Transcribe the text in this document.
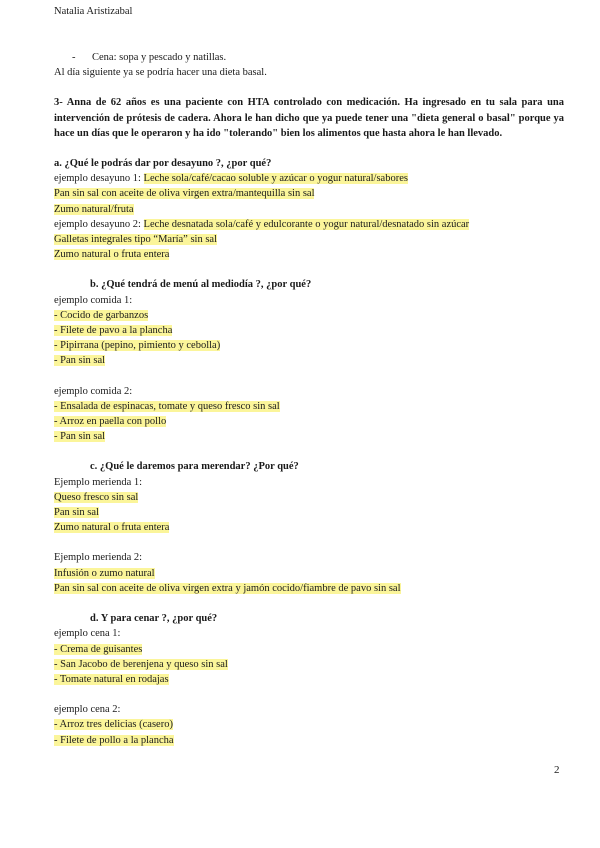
Natalia Aristizabal
- Cena: sopa y pescado y natillas.
Al día siguiente ya se podría hacer una dieta basal.
3- Anna de 62 años es una paciente con HTA controlado con medicación. Ha ingresado en tu sala para una intervención de prótesis de cadera. Ahora le han dicho que ya puede tener una "dieta general o basal" porque ya hace un días que le operaron y ha ido "tolerando" bien los alimentos que hasta ahora le han llevado.
a. ¿Qué le podrás dar por desayuno ?, ¿por qué?
ejemplo desayuno 1: Leche sola/café/cacao soluble y azúcar o yogur natural/sabores
Pan sin sal con aceite de oliva virgen extra/mantequilla sin sal
Zumo natural/fruta
ejemplo desayuno 2: Leche desnatada sola/café y edulcorante o yogur natural/desnatado sin azúcar
Galletas integrales tipo “María” sin sal
Zumo natural o fruta entera
b. ¿Qué tendrá de menú al mediodía ?, ¿por qué?
ejemplo comida 1:
- Cocido de garbanzos
- Filete de pavo a la plancha
- Pipirrana (pepino, pimiento y cebolla)
- Pan sin sal
ejemplo comida 2:
- Ensalada de espinacas, tomate y queso fresco sin sal
- Arroz en paella con pollo
- Pan sin sal
c. ¿Qué le daremos para merendar? ¿Por qué?
Ejemplo merienda 1:
Queso fresco sin sal
Pan sin sal
Zumo natural o fruta entera
Ejemplo merienda 2:
Infusión o zumo natural
Pan sin sal con aceite de oliva virgen extra y jamón cocido/fiambre de pavo sin sal
d. Y para cenar ?, ¿por qué?
ejemplo cena 1:
- Crema de guisantes
- San Jacobo de berenjena y queso sin sal
- Tomate natural en rodajas
ejemplo cena 2:
- Arroz tres delicias (casero)
- Filete de pollo a la plancha
2
